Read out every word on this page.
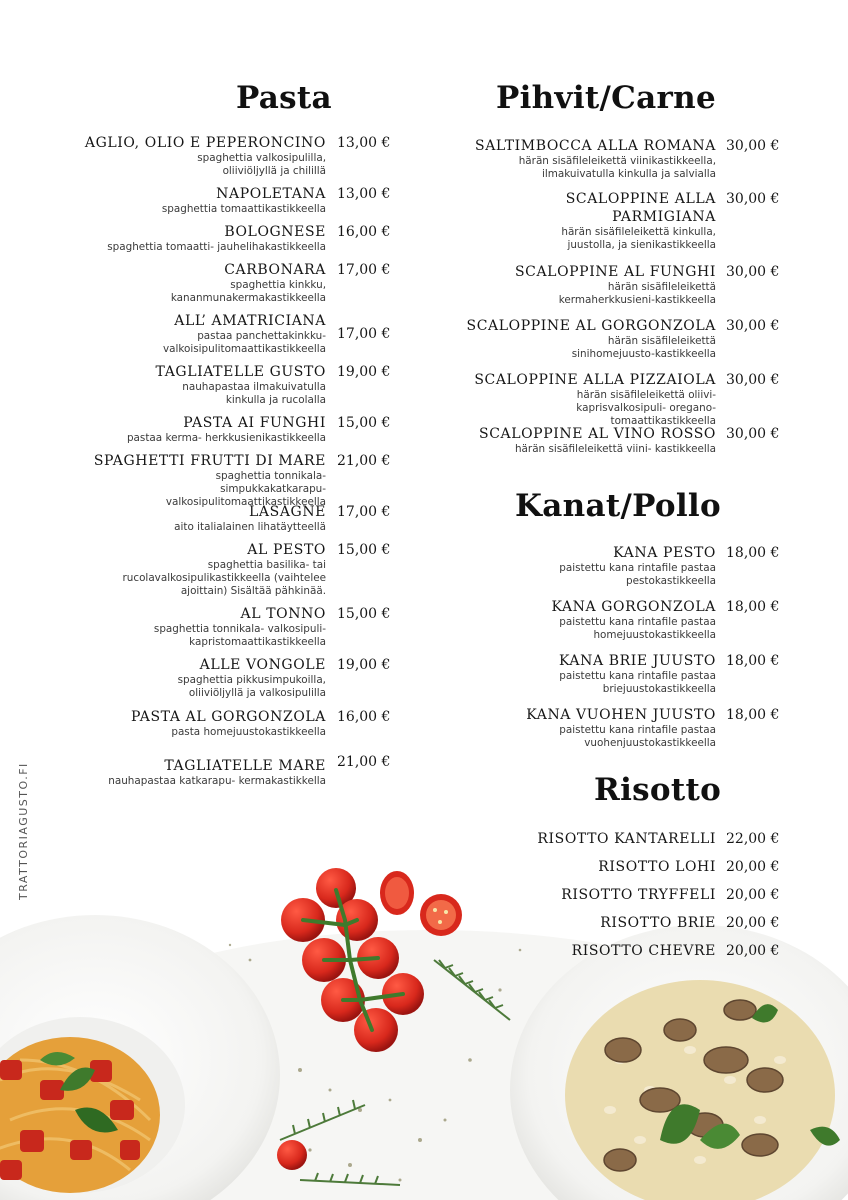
TRATTORIAGUSTO.FI
Pasta
AGLIO, OLIO E PEPERONCINO
spaghettia valkosipulilla, oliiviöljyllä ja chilillä
13,00 €
NAPOLETANA
spaghettia tomaattikastikkeella
13,00 €
BOLOGNESE
spaghettia tomaatti- jauhelihakastikkeella
16,00 €
CARBONARA
spaghettia kinkku, kananmunakermakastikkeella
17,00 €
ALL’ AMATRICIANA
pastaa panchettakinkku- valkoisipulitomaattikastikkeella
17,00 €
TAGLIATELLE GUSTO
nauhapastaa ilmakuivatulla kinkulla ja rucolalla
19,00 €
PASTA AI FUNGHI
pastaa kerma- herkkusienikastikkeella
15,00 €
SPAGHETTI FRUTTI DI MARE
spaghettia tonnikala- simpukkakatkarapu- valkosipulitomaattikastikkeella
21,00 €
LASAGNE
aito italialainen lihatäytteellä
17,00 €
AL PESTO
spaghettia basilika- tai rucolavalkosipulikastikkeella (vaihtelee ajoittain) Sisältää pähkinää.
15,00 €
AL TONNO
spaghettia tonnikala- valkosipuli- kapristomaattikastikkeella
15,00 €
ALLE VONGOLE
spaghettia pikkusimpukoilla, oliiviöljyllä ja valkosipulilla
19,00 €
PASTA AL GORGONZOLA
pasta homejuustokastikkeella
16,00 €
TAGLIATELLE MARE
nauhapastaa katkarapu- kermakastikkella
21,00 €
Pihvit/Carne
SALTIMBOCCA ALLA ROMANA
härän sisäfileleikettä viinikastikkeella, ilmakuivatulla kinkulla ja salvialla
30,00 €
SCALOPPINE ALLA PARMIGIANA
härän sisäfileleikettä kinkulla, juustolla, ja sienikastikkeella
30,00 €
SCALOPPINE AL FUNGHI
härän sisäfileleikettä kermaherkkusieni-kastikkeella
30,00 €
SCALOPPINE AL GORGONZOLA
härän sisäfileleikettä sinihomejuusto-kastikkeella
30,00 €
SCALOPPINE ALLA PIZZAIOLA
härän sisäfileleikettä oliivi- kaprisvalkosipuli- oregano- tomaattikastikkeella
30,00 €
SCALOPPINE AL VINO ROSSO
härän sisäfileleikettä viini- kastikkeella
30,00 €
Kanat/Pollo
KANA PESTO
paistettu kana rintafile pastaa pestokastikkeella
18,00 €
KANA GORGONZOLA
paistettu kana rintafile pastaa homejuustokastikkeella
18,00 €
KANA BRIE JUUSTO
paistettu kana rintafile pastaa briejuustokastikkeella
18,00 €
KANA VUOHEN JUUSTO
paistettu kana rintafile pastaa vuohenjuustokastikkeella
18,00 €
Risotto
RISOTTO KANTARELLI 22,00 €
RISOTTO LOHI 20,00 €
RISOTTO TRYFFELI 20,00 €
RISOTTO BRIE 20,00 €
RISOTTO CHEVRE 20,00 €
